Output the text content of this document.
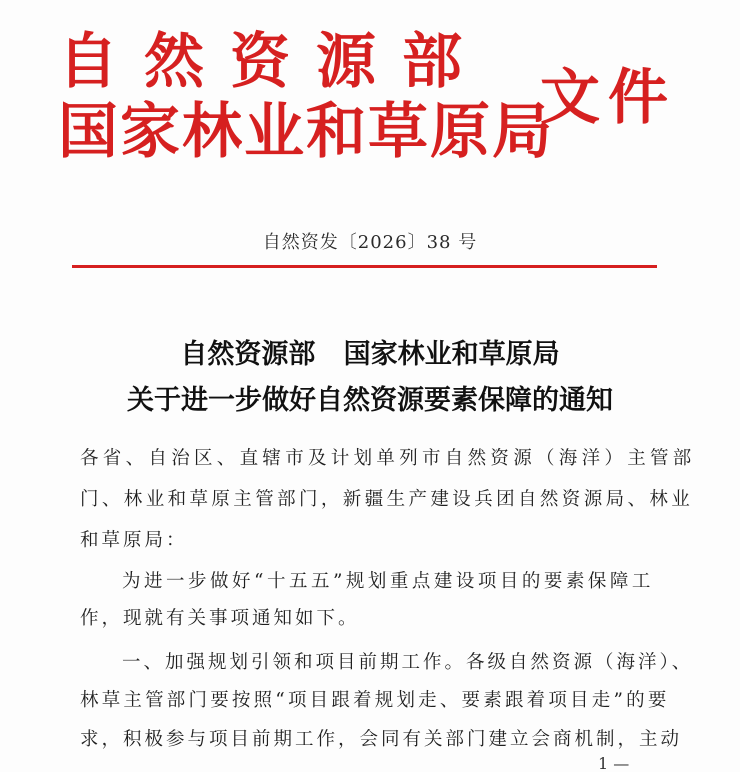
自然资源部
国家林业和草原局
文件
自然资发〔2026〕38 号
自然资源部   国家林业和草原局
关于进一步做好自然资源要素保障的通知
各省、自治区、直辖市及计划单列市自然资源（海洋）主管部
门、林业和草原主管部门，新疆生产建设兵团自然资源局、林业
和草原局：
为进一步做好“十五五”规划重点建设项目的要素保障工
作，现就有关事项通知如下。
一、加强规划引领和项目前期工作。各级自然资源（海洋）、
林草主管部门要按照“项目跟着规划走、要素跟着项目走”的要
求，积极参与项目前期工作，会同有关部门建立会商机制，主动
1 —
